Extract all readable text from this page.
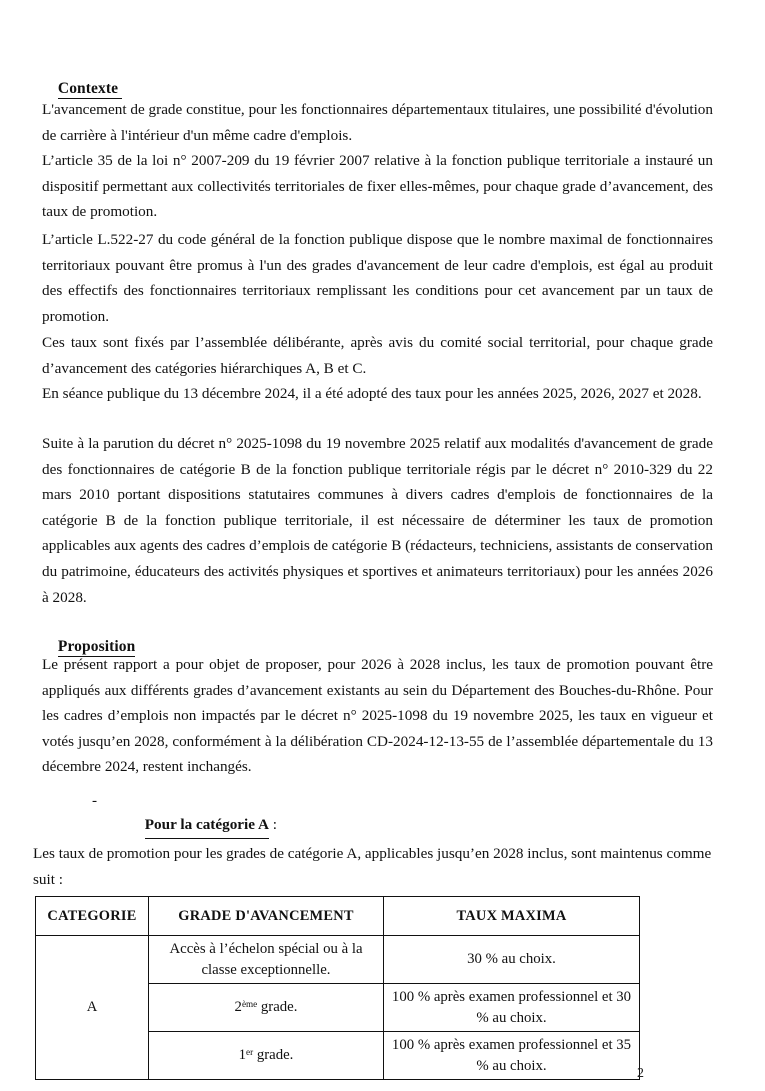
Contexte

L'avancement de grade constitue, pour les fonctionnaires départementaux titulaires, une possibilité d'évolution de carrière à l'intérieur d'un même cadre d'emplois.

L’article 35 de la loi n° 2007-209 du 19 février 2007 relative à la fonction publique territoriale a instauré un dispositif permettant aux collectivités territoriales de fixer elles-mêmes, pour chaque grade d’avancement, des taux de promotion.

L’article L.522-27 du code général de la fonction publique dispose que le nombre maximal de fonctionnaires territoriaux pouvant être promus à l'un des grades d'avancement de leur cadre d'emplois, est égal au produit des effectifs des fonctionnaires territoriaux remplissant les conditions pour cet avancement par un taux de promotion.

Ces taux sont fixés par l’assemblée délibérante, après avis du comité social territorial, pour chaque grade d’avancement des catégories hiérarchiques A, B et C.

En séance publique du 13 décembre 2024, il a été adopté des taux pour les années 2025, 2026, 2027 et 2028.

Suite à la parution du décret n° 2025-1098 du 19 novembre 2025 relatif aux modalités d'avancement de grade des fonctionnaires de catégorie B de la fonction publique territoriale régis par le décret n° 2010-329 du 22 mars 2010 portant dispositions statutaires communes à divers cadres d'emplois de fonctionnaires de la catégorie B de la fonction publique territoriale, il est nécessaire de déterminer les taux de promotion applicables aux agents des cadres d’emplois de catégorie B (rédacteurs, techniciens, assistants de conservation du patrimoine, éducateurs des activités physiques et sportives et animateurs territoriaux) pour les années 2026 à 2028.

Proposition

Le présent rapport a pour objet de proposer, pour 2026 à 2028 inclus, les taux de promotion pouvant être appliqués aux différents grades d’avancement existants au sein du Département des Bouches-du-Rhône. Pour les cadres d’emplois non impactés par le décret n° 2025-1098 du 19 novembre 2025, les taux en vigueur et votés jusqu’en 2028, conformément à la délibération CD-2024-12-13-55 de l’assemblée départementale du 13 décembre 2024, restent inchangés.

-

Pour la catégorie A :

Les taux de promotion pour les grades de catégorie A, applicables jusqu’en 2028 inclus, sont maintenus comme suit :

CATEGORIE	GRADE D'AVANCEMENT	TAUX MAXIMA
A	Accès à l’échelon spécial ou à la classe exceptionnelle.	30 % au choix.
	2ème grade.	100 % après examen professionnel et 30 % au choix.
	1er grade.	100 % après examen professionnel et 35 % au choix.	2
